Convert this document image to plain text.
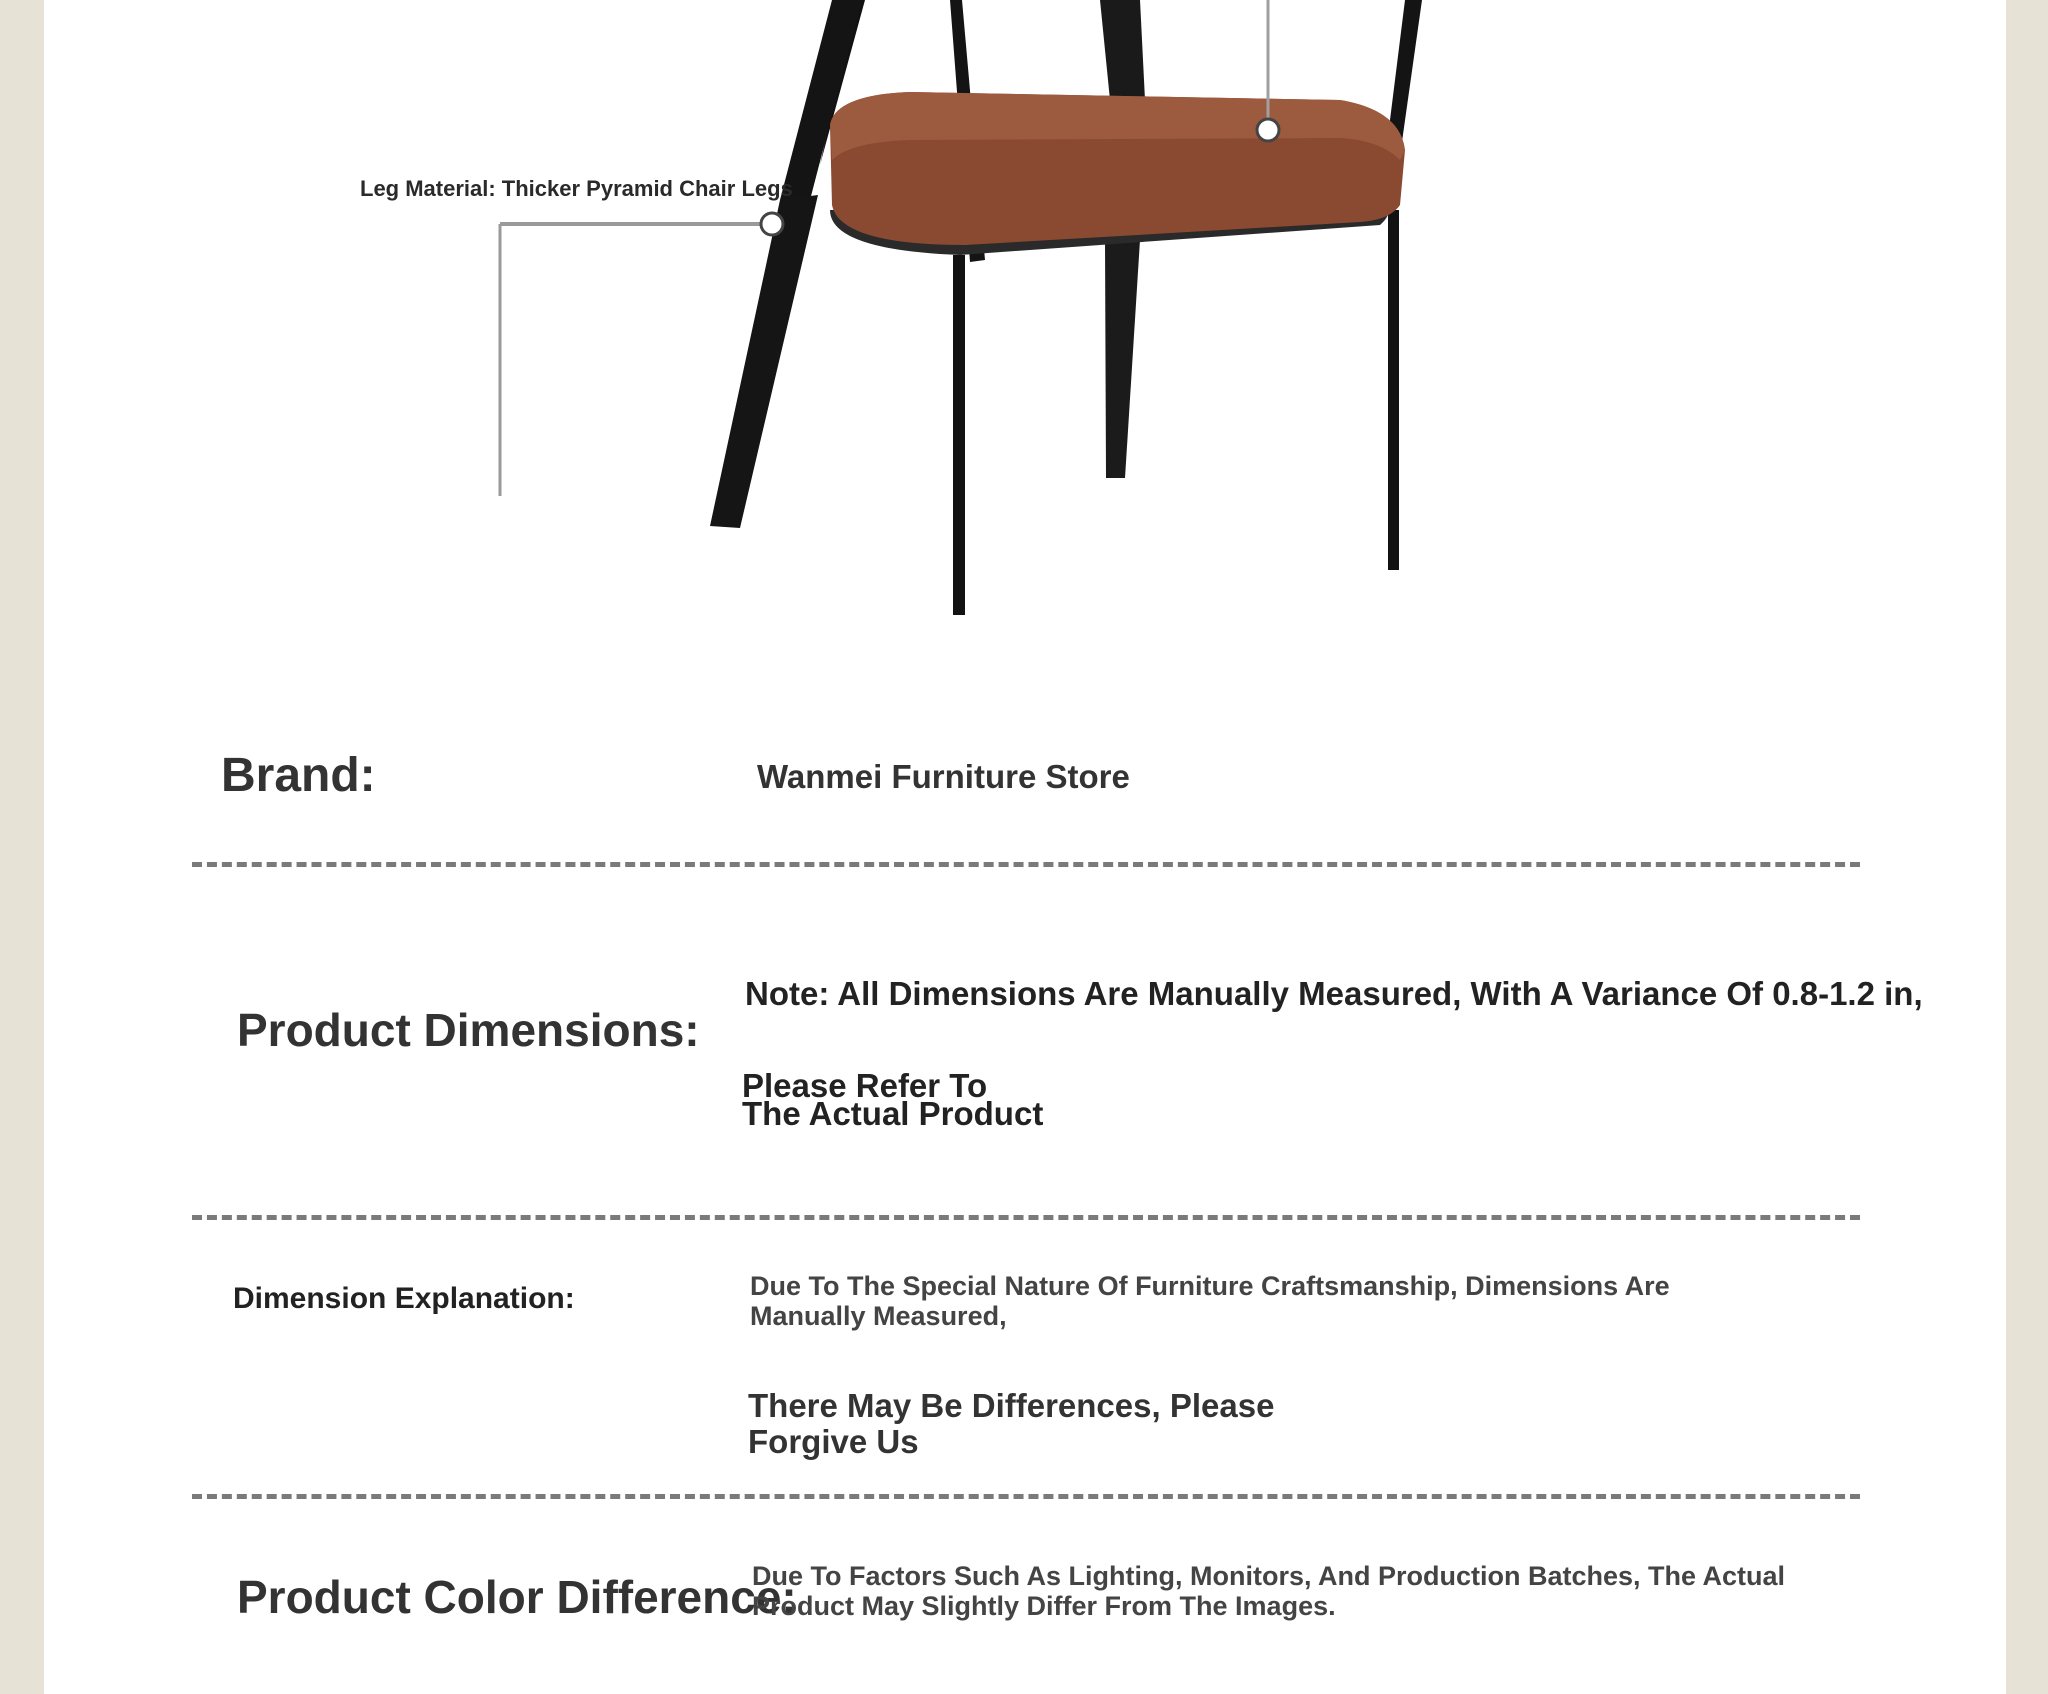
Leg Material: Thicker Pyramid Chair Legs
Brand:	Wanmei Furniture Store
Product Dimensions:
Note: All Dimensions Are Manually Measured, With A Variance Of 0.8-1.2 in,
Please Refer To
The Actual Product
Dimension Explanation:	Due To The Special Nature Of Furniture Craftsmanship, Dimensions Are Manually Measured,
There May Be Differences, Please
Forgive Us
Product Color Difference:
Due To Factors Such As Lighting, Monitors, And Production Batches, The Actual Product May Slightly Differ From The Images.
